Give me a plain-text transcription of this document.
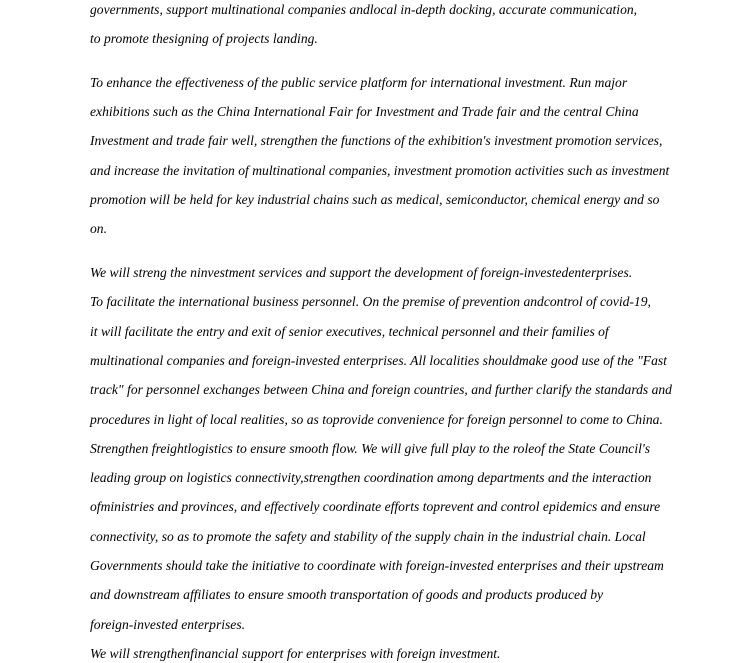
governments, support multinational companies andlocal in-depth docking, accurate communication,

to promote thesigning of projects landing.

To enhance the effectiveness of the public service platform for international investment. Run major

exhibitions such as the China International Fair for Investment and Trade fair and the central China

Investment and trade fair well, strengthen the functions of the exhibition's investment promotion services,

and increase the invitation of multinational companies, investment promotion activities such as investment

promotion will be held for key industrial chains such as medical, semiconductor, chemical energy and so

on.

We will streng the ninvestment services and support the development of foreign-investedenterprises.

To facilitate the international business personnel. On the premise of prevention andcontrol of covid-19,

it will facilitate the entry and exit of senior executives, technical personnel and their families of

multinational companies and foreign-invested enterprises. All localities shouldmake good use of the "Fast

track" for personnel exchanges between China and foreign countries, and further clarify the standards and

procedures in light of local realities, so as toprovide convenience for foreign personnel to come to China.

Strengthen freightlogistics to ensure smooth flow. We will give full play to the roleof the State Council's

leading group on logistics connectivity,strengthen coordination among departments and the interaction

ofministries and provinces, and effectively coordinate efforts toprevent and control epidemics and ensure

connectivity, so as to promote the safety and stability of the supply chain in the industrial chain. Local

Governments should take the initiative to coordinate with foreign-invested enterprises and their upstream

and downstream affiliates to ensure smooth transportation of goods and products produced by

foreign-invested enterprises.

We will strengthenfinancial support for enterprises with foreign investment.
